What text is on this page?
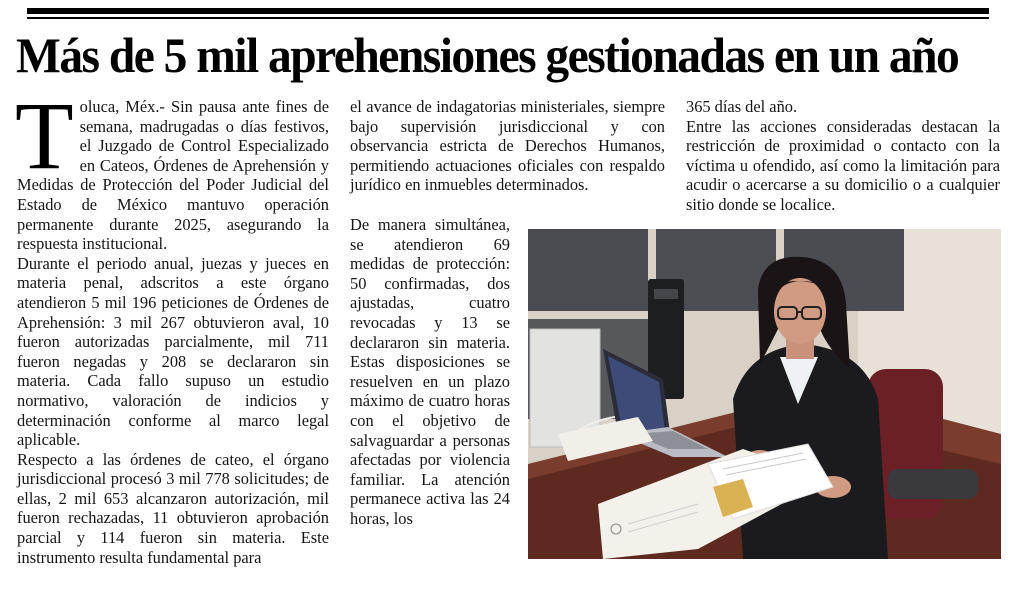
Más de 5 mil aprehensiones gestionadas en un año

Toluca, Méx.- Sin pausa ante fines de semana, madrugadas o días festivos, el Juzgado de Control Especializado en Cateos, Órdenes de Aprehensión y Medidas de Protección del Poder Judicial del Estado de México mantuvo operación permanente durante 2025, asegurando la respuesta institucional.

Durante el periodo anual, juezas y jueces en materia penal, adscritos a este órgano atendieron 5 mil 196 peticiones de Órdenes de Aprehensión: 3 mil 267 obtuvieron aval, 10 fueron autorizadas parcialmente, mil 711 fueron negadas y 208 se declararon sin materia. Cada fallo supuso un estudio normativo, valoración de indicios y determinación conforme al marco legal aplicable.

Respecto a las órdenes de cateo, el órgano jurisdiccional procesó 3 mil 778 solicitudes; de ellas, 2 mil 653 alcanzaron autorización, mil fueron rechazadas, 11 obtuvieron aprobación parcial y 114 fueron sin materia. Este instrumento resulta fundamental para

el avance de indagatorias ministeriales, siempre bajo supervisión jurisdiccional y con observancia estricta de Derechos Humanos, permitiendo actuaciones oficiales con respaldo jurídico en inmuebles determinados.

De manera simultánea, se atendieron 69 medidas de protección: 50 confirmadas, dos ajustadas, cuatro revocadas y 13 se declararon sin materia. Estas disposiciones se resuelven en un plazo máximo de cuatro horas con el objetivo de salvaguardar a personas afectadas por violencia familiar. La atención permanece activa las 24 horas, los

365 días del año.

Entre las acciones consideradas destacan la restricción de proximidad o contacto con la víctima u ofendido, así como la limitación para acudir o acercarse a su domicilio o a cualquier sitio donde se localice.
